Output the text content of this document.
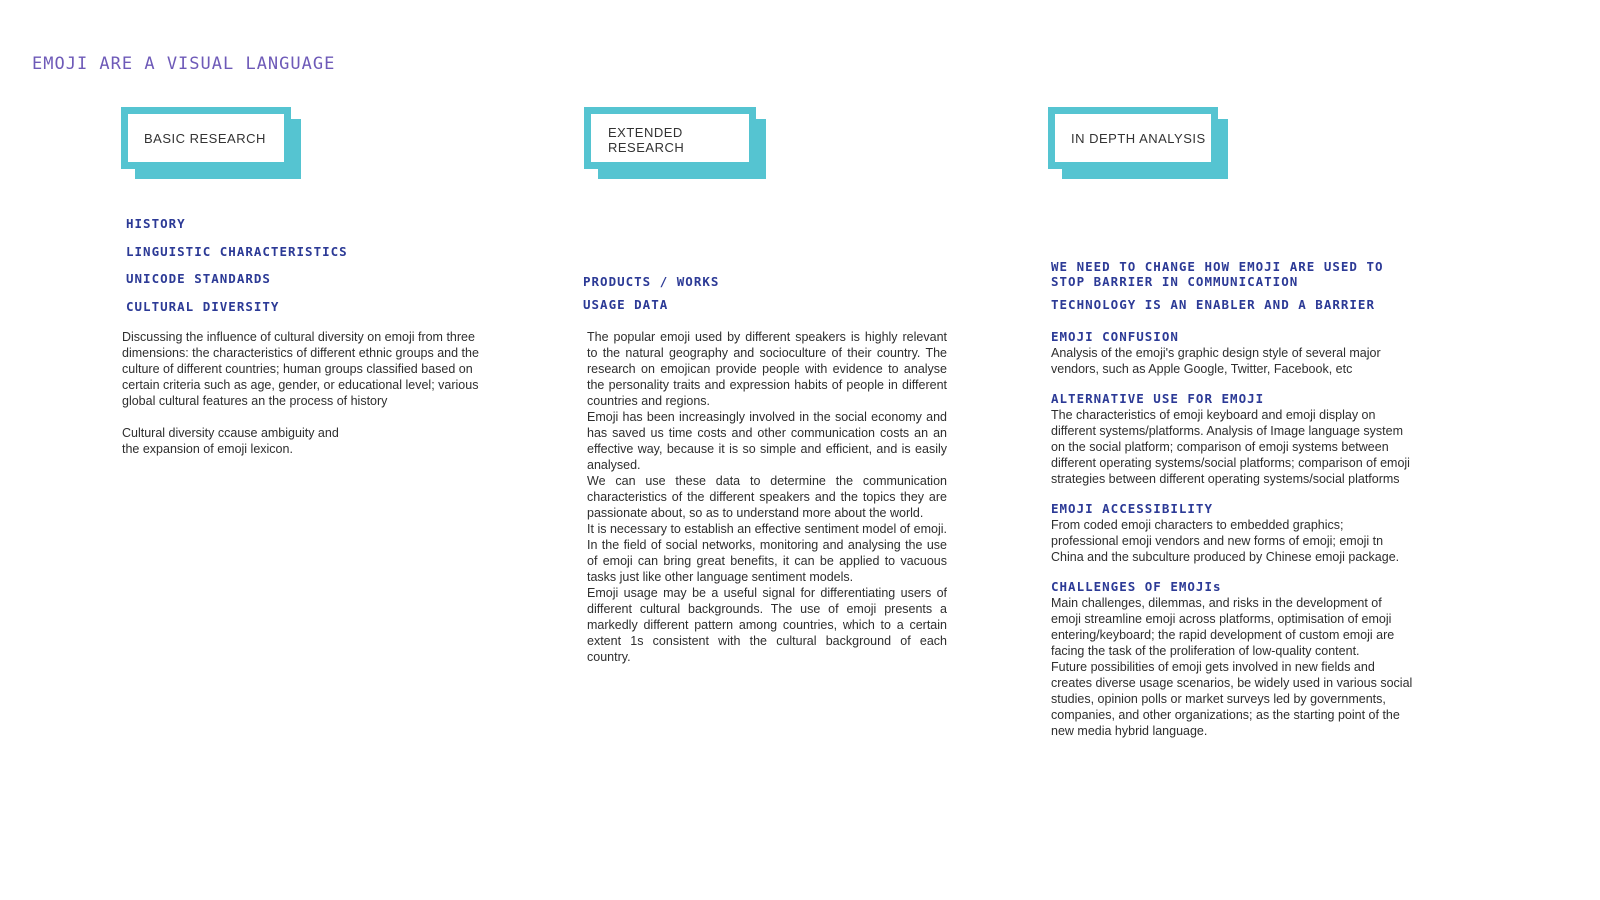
EMOJI ARE A VISUAL LANGUAGE
BASIC RESEARCH
HISTORY
LINGUISTIC CHARACTERISTICS
UNICODE STANDARDS
CULTURAL DIVERSITY

Discussing the influence of cultural diversity on emoji from three dimensions: the characteristics of different ethnic groups and the culture of different countries; human groups classified based on certain criteria such as age, gender, or educational level; various global cultural features an the process of history

Cultural diversity ccause ambiguity and the expansion of emoji lexicon.

EXTENDED RESEARCH
PRODUCTS / WORKS
USAGE DATA

The popular emoji used by different speakers is highly relevant to the natural geography and socioculture of their country. The research on emojican provide people with evidence to analyse the personality traits and expression habits of people in different countries and regions.

Emoji has been increasingly involved in the social economy and has saved us time costs and other communication costs an an effective way, because it is so simple and efficient, and is easily analysed.

We can use these data to determine the communication characteristics of the different speakers and the topics they are passionate about, so as to understand more about the world.

It is necessary to establish an effective sentiment model of emoji. In the field of social networks, monitoring and analysing the use of emoji can bring great benefits, it can be applied to vacuous tasks just like other language sentiment models.

Emoji usage may be a useful signal for differentiating users of different cultural backgrounds. The use of emoji presents a markedly different pattern among countries, which to a certain extent 1s consistent with the cultural background of each country.

IN DEPTH ANALYSIS
WE NEED TO CHANGE HOW EMOJI ARE USED TO STOP BARRIER IN COMMUNICATION
TECHNOLOGY IS AN ENABLER AND A BARRIER

EMOJI CONFUSION

Analysis of the emoji's graphic design style of several major vendors, such as Apple Google, Twitter, Facebook, etc

ALTERNATIVE USE FOR EMOJI

The characteristics of emoji keyboard and emoji display on different systems/platforms. Analysis of Image language system on the social platform; comparison of emoji systems between different operating systems/social platforms; comparison of emoji strategies between different operating systems/social platforms

EMOJI ACCESSIBILITY

From coded emoji characters to embedded graphics; professional emoji vendors and new forms of emoji; emoji tn China and the subculture produced by Chinese emoji package.

CHALLENGES OF EMOJIs

Main challenges, dilemmas, and risks in the development of emoji streamline emoji across platforms, optimisation of emoji entering/keyboard; the rapid development of custom emoji are facing the task of the proliferation of low-quality content.

Future possibilities of emoji gets involved in new fields and creates diverse usage scenarios, be widely used in various social studies, opinion polls or market surveys led by governments, companies, and other organizations; as the starting point of the new media hybrid language.
